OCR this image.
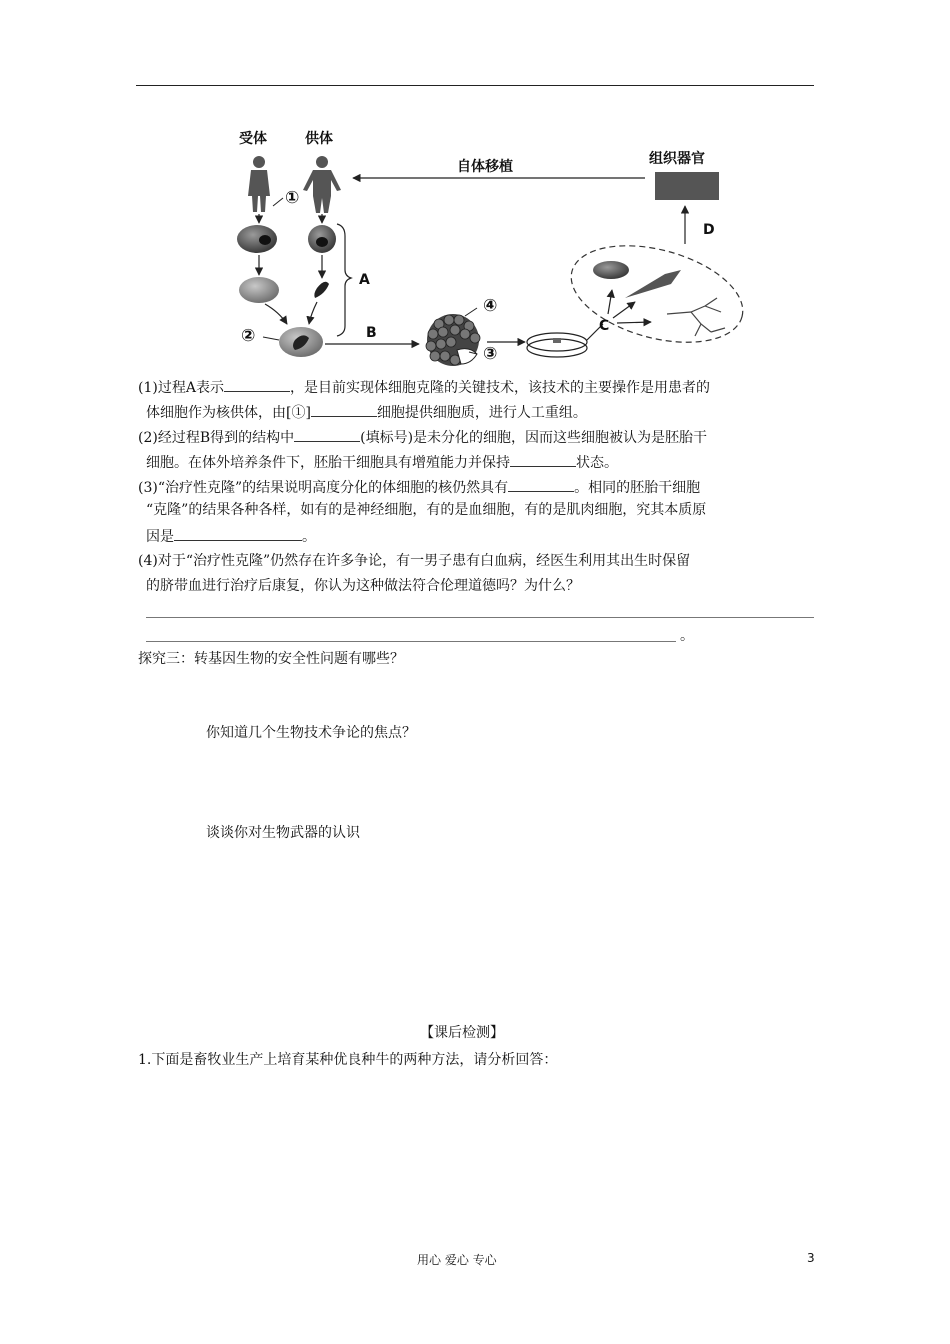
受体	供体
自体移植	组织器官
①
②
③
④
A
B	C
D
(1)过程A表示	，是目前实现体细胞克隆的关键技术，该技术的主要操作是用患者的
体细胞作为核供体，由[①]	细胞提供细胞质，进行人工重组。
(2)经过程B得到的结构中	(填标号)是未分化的细胞，因而这些细胞被认为是胚胎干
细胞。在体外培养条件下，胚胎干细胞具有增殖能力并保持	状态。
(3)“治疗性克隆”的结果说明高度分化的体细胞的核仍然具有	。相同的胚胎干细胞
“克隆”的结果各种各样，如有的是神经细胞，有的是血细胞，有的是肌肉细胞，究其本质原
因是	。
(4)对于“治疗性克隆”仍然存在许多争论，有一男子患有白血病，经医生利用其出生时保留
的脐带血进行治疗后康复，你认为这种做法符合伦理道德吗？为什么？
。
探究三：转基因生物的安全性问题有哪些？
你知道几个生物技术争论的焦点？
谈谈你对生物武器的认识
【课后检测】
1.下面是畜牧业生产上培育某种优良种牛的两种方法，请分析回答：
用心 爱心 专心	3
